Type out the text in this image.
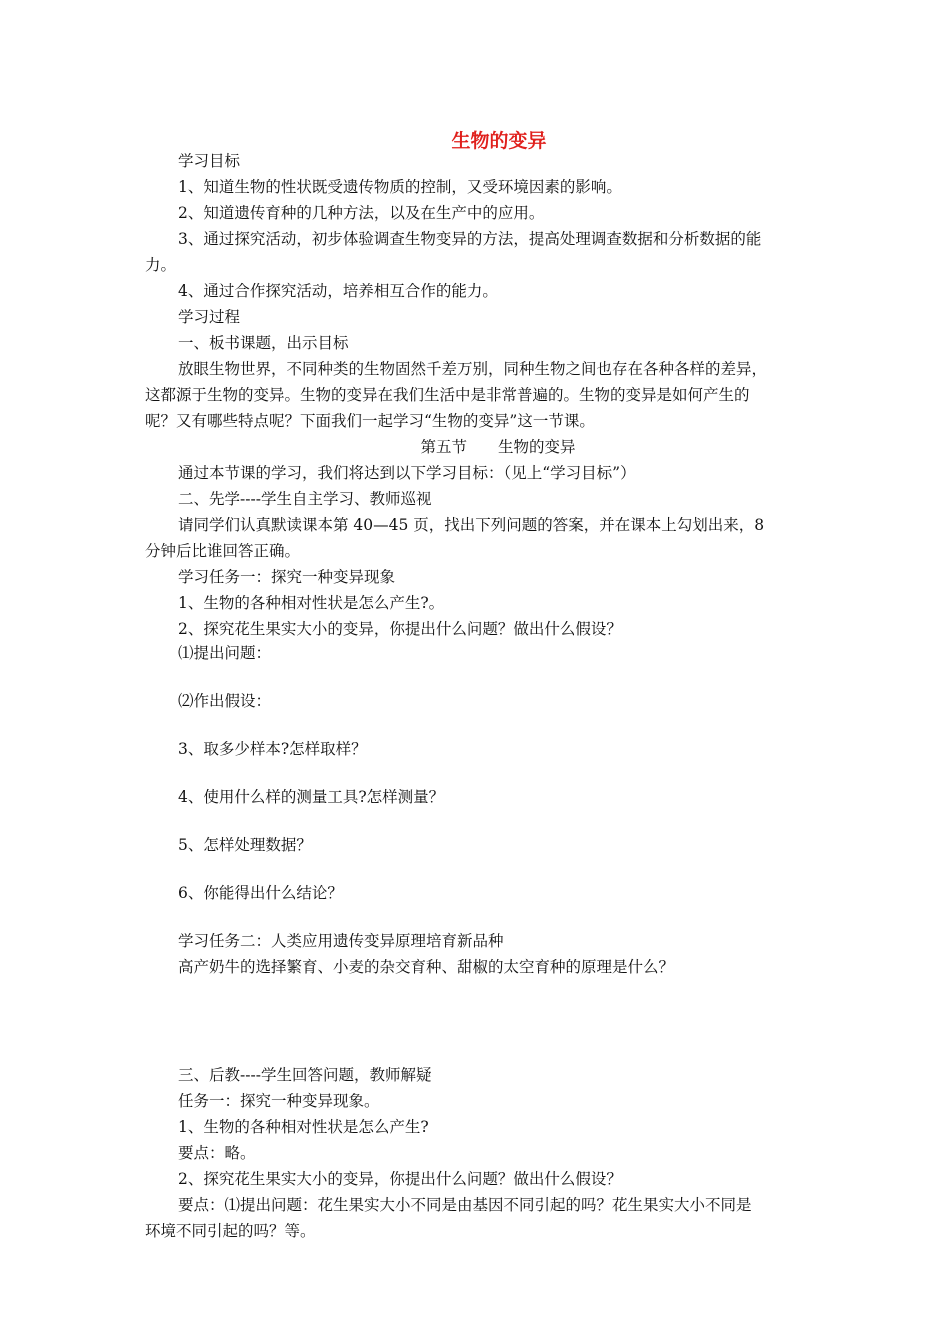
生物的变异
学习目标
1、知道生物的性状既受遗传物质的控制，又受环境因素的影响。
2、知道遗传育种的几种方法，以及在生产中的应用。
3、通过探究活动，初步体验调查生物变异的方法，提高处理调查数据和分析数据的能
力。
4、通过合作探究活动，培养相互合作的能力。
学习过程
一、板书课题，出示目标
放眼生物世界，不同种类的生物固然千差万别，同种生物之间也存在各种各样的差异，
这都源于生物的变异。生物的变异在我们生活中是非常普遍的。生物的变异是如何产生的
呢？又有哪些特点呢？下面我们一起学习“生物的变异”这一节课。
第五节　　生物的变异
通过本节课的学习，我们将达到以下学习目标：（见上“学习目标”）
二、先学----学生自主学习、教师巡视
请同学们认真默读课本第 40—45 页，找出下列问题的答案，并在课本上勾划出来，8
分钟后比谁回答正确。
学习任务一：探究一种变异现象
1、生物的各种相对性状是怎么产生?。
2、探究花生果实大小的变异，你提出什么问题？做出什么假设？
⑴提出问题：
⑵作出假设：
3、取多少样本?怎样取样？
4、使用什么样的测量工具?怎样测量？
5、怎样处理数据？
6、你能得出什么结论？
学习任务二：人类应用遗传变异原理培育新品种
高产奶牛的选择繁育、小麦的杂交育种、甜椒的太空育种的原理是什么？
三、后教----学生回答问题，教师解疑
任务一：探究一种变异现象。
1、生物的各种相对性状是怎么产生?
要点：略。
2、探究花生果实大小的变异，你提出什么问题？做出什么假设？
要点：⑴提出问题：花生果实大小不同是由基因不同引起的吗？花生果实大小不同是
环境不同引起的吗？等。
